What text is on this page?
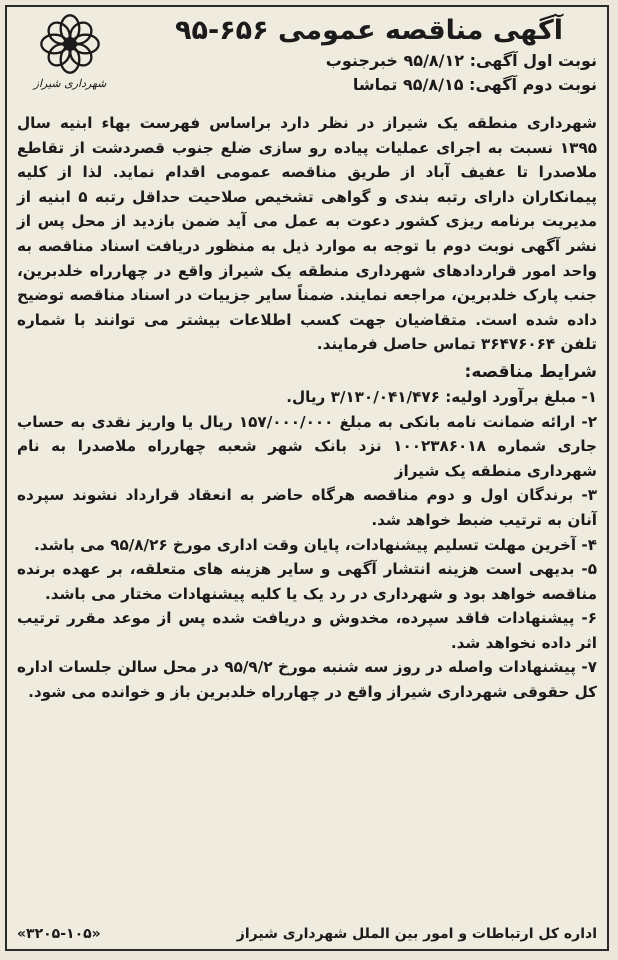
آگهی مناقصه عمومی ۶۵۶-۹۵
نوبت اول آگهی: ۹۵/۸/۱۲ خبرجنوب
نوبت دوم آگهی: ۹۵/۸/۱۵ تماشا
شهرداری شیراز

شهرداری منطقه یک شیراز در نظر دارد براساس فهرست بهاء ابنیه سال ۱۳۹۵ نسبت به اجرای عملیات پیاده رو سازی ضلع جنوب قصردشت از تقاطع ملاصدرا تا عفیف آباد از طریق مناقصه عمومی اقدام نماید. لذا از کلیه پیمانکاران دارای رتبه بندی و گواهی تشخیص صلاحیت حداقل رتبه ۵ ابنیه از مدیریت برنامه ریزی کشور دعوت به عمل می آید ضمن بازدید از محل پس از نشر آگهی نوبت دوم با توجه به موارد ذیل به منظور دریافت اسناد مناقصه به واحد امور قراردادهای شهرداری منطقه یک شیراز واقع در چهارراه خلدبرین، جنب پارک خلدبرین، مراجعه نمایند. ضمناً سایر جزییات در اسناد مناقصه توضیح داده شده است. متقاضیان جهت کسب اطلاعات بیشتر می توانند با شماره تلفن ۳۶۴۷۶۰۶۴ تماس حاصل فرمایند.

شرایط مناقصه:

۱- مبلغ برآورد اولیه: ۳/۱۳۰/۰۴۱/۴۷۶ ریال.

۲- ارائه ضمانت نامه بانکی به مبلغ ۱۵۷/۰۰۰/۰۰۰ ریال یا واریز نقدی به حساب جاری شماره ۱۰۰۲۳۸۶۰۱۸ نزد بانک شهر شعبه چهارراه ملاصدرا به نام شهرداری منطقه یک شیراز

۳- برندگان اول و دوم مناقصه هرگاه حاضر به انعقاد قرارداد نشوند سپرده آنان به ترتیب ضبط خواهد شد.

۴- آخرین مهلت تسلیم پیشنهادات، پایان وقت اداری مورخ ۹۵/۸/۲۶ می باشد.

۵- بدیهی است هزینه انتشار آگهی و سایر هزینه های متعلقه، بر عهده برنده مناقصه خواهد بود و شهرداری در رد یک یا کلیه پیشنهادات مختار می باشد.

۶- پیشنهادات فاقد سپرده، مخدوش و دریافت شده پس از موعد مقرر ترتیب اثر داده نخواهد شد.

۷- پیشنهادات واصله در روز سه شنبه مورخ ۹۵/۹/۲ در محل سالن جلسات اداره کل حقوقی شهرداری شیراز واقع در چهارراه خلدبرین باز و خوانده می شود.

اداره کل ارتباطات و امور بین الملل شهرداری شیراز
«۳۲۰۵-۱۰۵»
